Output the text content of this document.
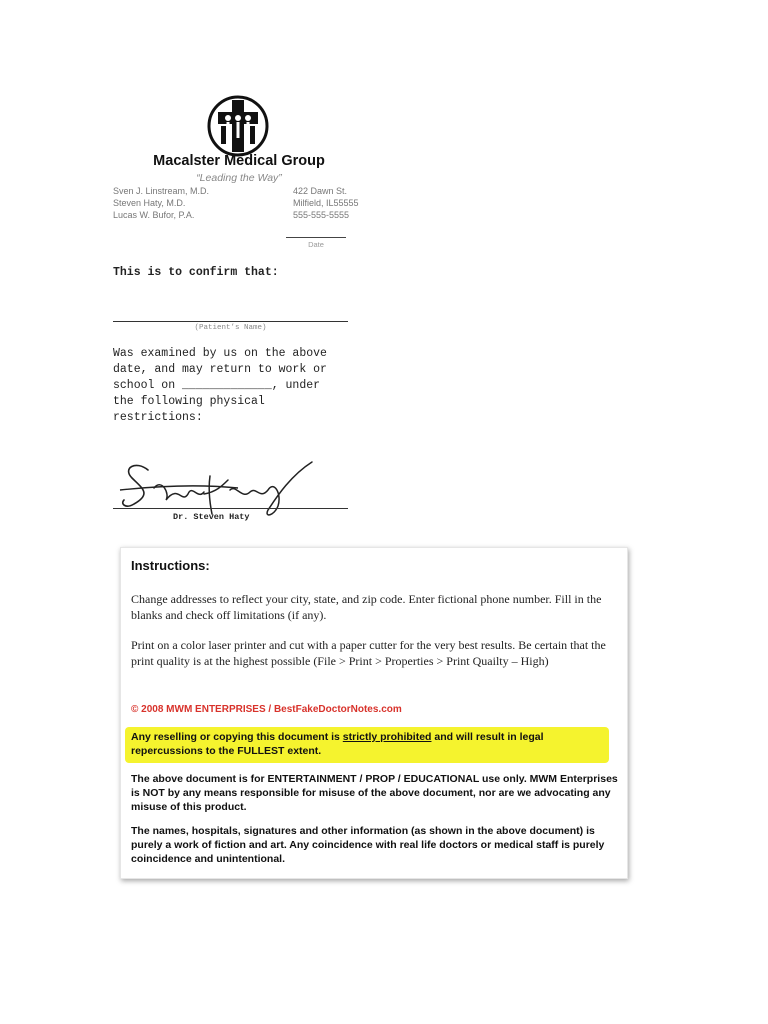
Macalster Medical Group
“Leading the Way”
Sven J. Linstream, M.D.
Steven Haty, M.D.
Lucas W. Bufor, P.A.
422 Dawn St.
Milfield, IL55555
555-555-5555
Date
This is to confirm that:
(Patient’s Name)
Was examined by us on the above
date, and may return to work or
school on _____________, under
the following physical
restrictions:
Dr. Steven Haty
Instructions:
Change addresses to reflect your city, state, and zip code. Enter fictional phone number. Fill in the blanks and check off limitations (if any).
Print on a color laser printer and cut with a paper cutter for the very best results. Be certain that the print quality is at the highest possible (File > Print > Properties > Print Quailty – High)
© 2008 MWM ENTERPRISES / BestFakeDoctorNotes.com
Any reselling or copying this document is strictly prohibited and will result in legal repercussions to the FULLEST extent.
The above document is for ENTERTAINMENT / PROP / EDUCATIONAL use only. MWM Enterprises is NOT by any means responsible for misuse of the above document, nor are we advocating any misuse of this product.
The names, hospitals, signatures and other information (as shown in the above document) is purely a work of fiction and art. Any coincidence with real life doctors or medical staff is purely coincidence and unintentional.
